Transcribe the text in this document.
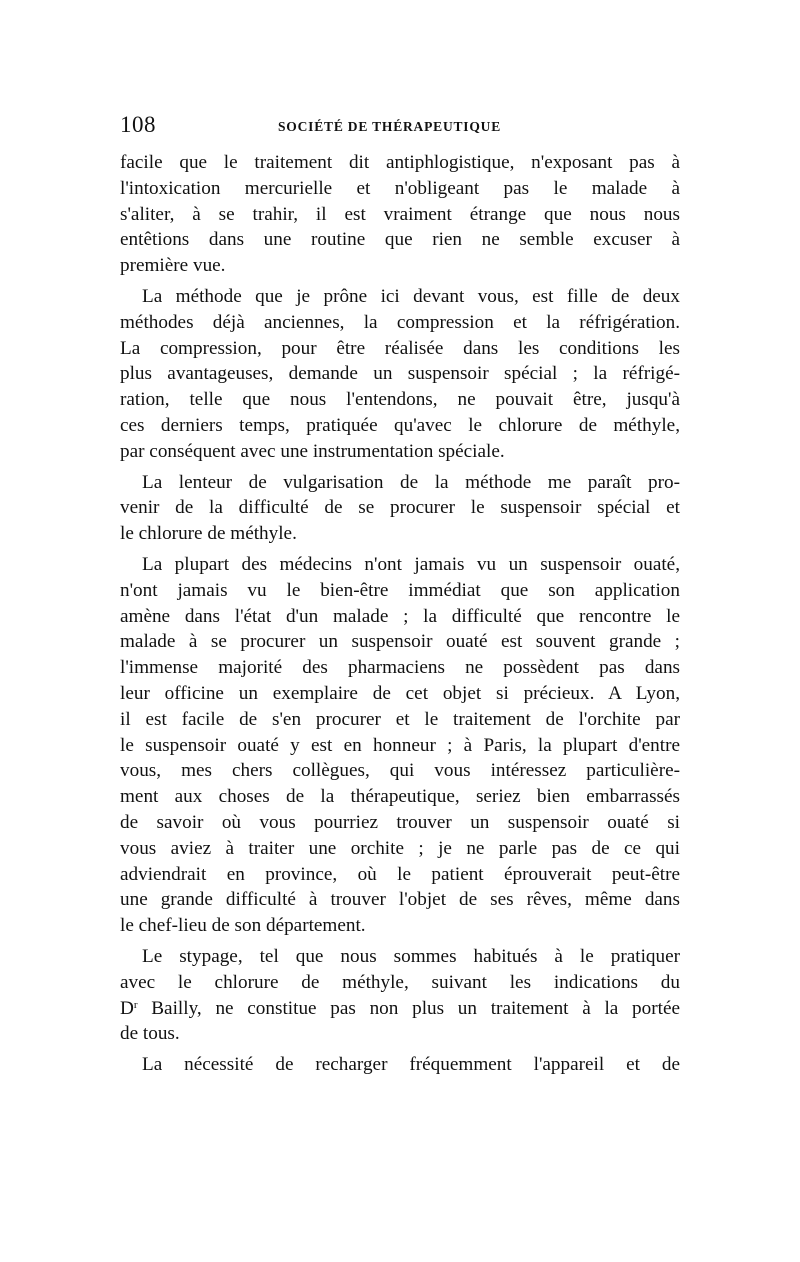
108	SOCIÉTÉ DE THÉRAPEUTIQUE
facile que le traitement dit antiphlogistique, n'exposant pas à
l'intoxication mercurielle et n'obligeant pas le malade à
s'aliter, à se trahir, il est vraiment étrange que nous nous
entêtions dans une routine que rien ne semble excuser à
première vue.
La méthode que je prône ici devant vous, est fille de deux
méthodes déjà anciennes, la compression et la réfrigération.
La compression, pour être réalisée dans les conditions les
plus avantageuses, demande un suspensoir spécial ; la réfrigé-
ration, telle que nous l'entendons, ne pouvait être, jusqu'à
ces derniers temps, pratiquée qu'avec le chlorure de méthyle,
par conséquent avec une instrumentation spéciale.
La lenteur de vulgarisation de la méthode me paraît pro-
venir de la difficulté de se procurer le suspensoir spécial et
le chlorure de méthyle.
La plupart des médecins n'ont jamais vu un suspensoir ouaté,
n'ont jamais vu le bien-être immédiat que son application
amène dans l'état d'un malade ; la difficulté que rencontre le
malade à se procurer un suspensoir ouaté est souvent grande ;
l'immense majorité des pharmaciens ne possèdent pas dans
leur officine un exemplaire de cet objet si précieux. A Lyon,
il est facile de s'en procurer et le traitement de l'orchite par
le suspensoir ouaté y est en honneur ; à Paris, la plupart d'entre
vous, mes chers collègues, qui vous intéressez particulière-
ment aux choses de la thérapeutique, seriez bien embarrassés
de savoir où vous pourriez trouver un suspensoir ouaté si
vous aviez à traiter une orchite ; je ne parle pas de ce qui
adviendrait en province, où le patient éprouverait peut-être
une grande difficulté à trouver l'objet de ses rêves, même dans
le chef-lieu de son département.
Le stypage, tel que nous sommes habitués à le pratiquer
avec le chlorure de méthyle, suivant les indications du
$D^r$ Bailly, ne constitue pas non plus un traitement à la portée
de tous.
La nécessité de recharger fréquemment l'appareil et de
